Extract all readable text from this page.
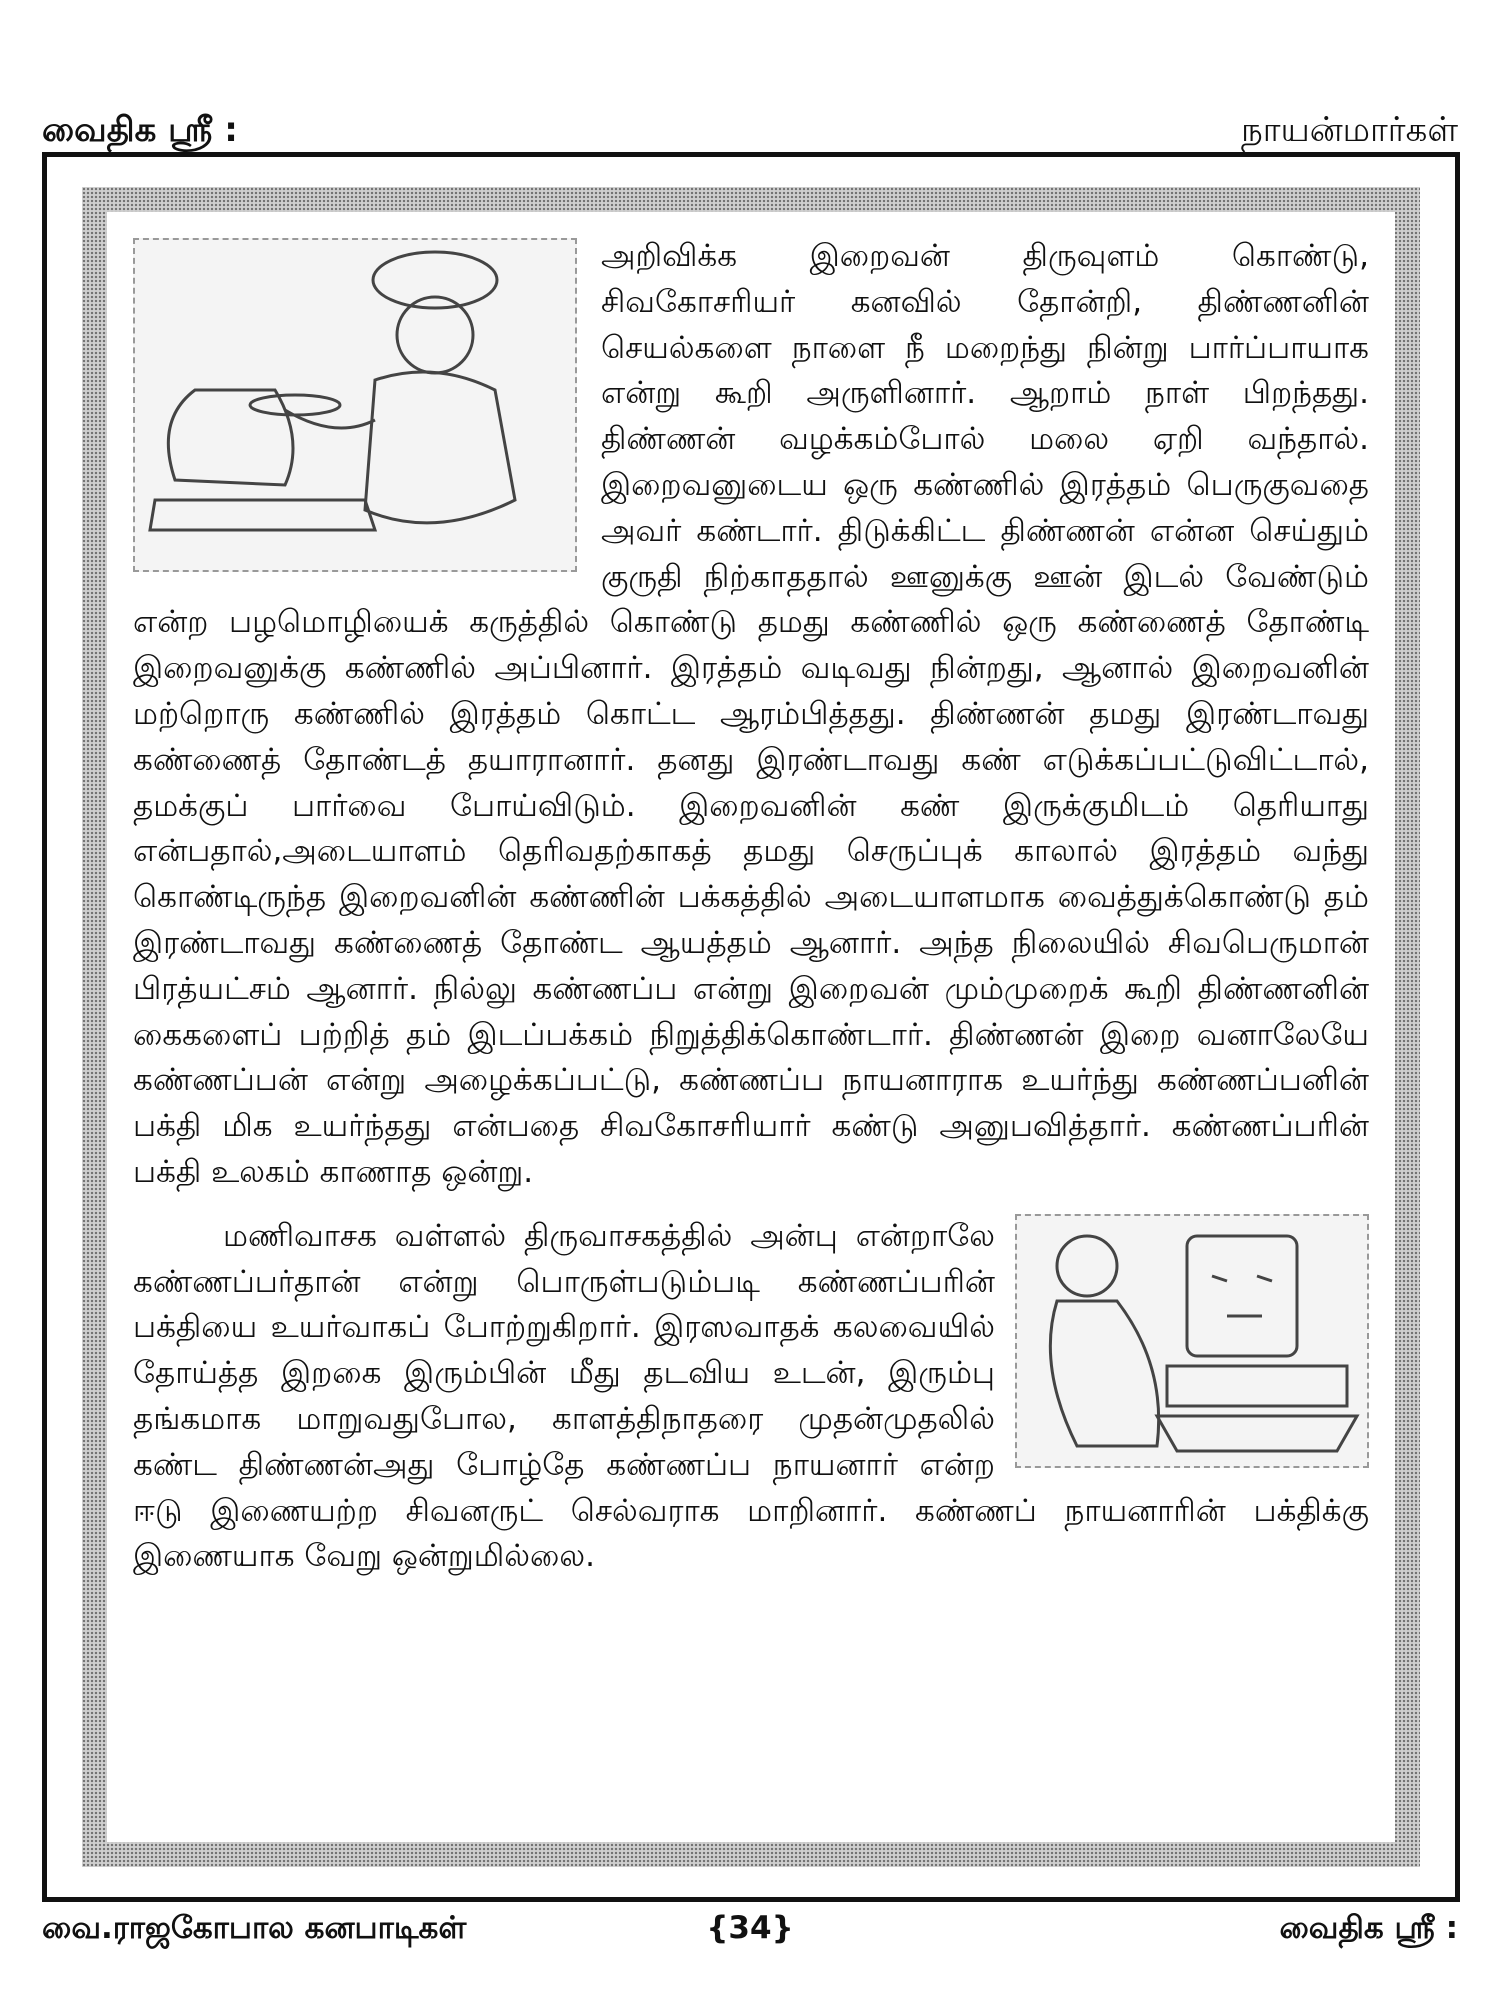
வைதிக ஸ்ரீ :	நாயன்மார்கள்

அறிவிக்க இறைவன் திருவுளம் கொண்டு, சிவகோசரியர் கனவில் தோன்றி, திண்ணனின் செயல்களை நாளை நீ மறைந்து நின்று பார்ப்பாயாக என்று கூறி அருளினார். ஆறாம் நாள் பிறந்தது. திண்ணன் வழக்கம்போல் மலை ஏறி வந்தால். இறைவனுடைய ஒரு கண்ணில் இரத்தம் பெருகுவதை அவர் கண்டார். திடுக்கிட்ட திண்ணன் என்ன செய்தும் குருதி நிற்காததால் ஊனுக்கு ஊன் இடல் வேண்டும் என்ற பழமொழியைக் கருத்தில் கொண்டு தமது கண்ணில் ஒரு கண்ணைத் தோண்டி இறைவனுக்கு கண்ணில் அப்பினார். இரத்தம் வடிவது நின்றது, ஆனால் இறைவனின் மற்றொரு கண்ணில் இரத்தம் கொட்ட ஆரம்பித்தது. திண்ணன் தமது இரண்டாவது கண்ணைத் தோண்டத் தயாரானார். தனது இரண்டாவது கண் எடுக்கப்பட்டுவிட்டால், தமக்குப் பார்வை போய்விடும். இறைவனின் கண் இருக்குமிடம் தெரியாது என்பதால்,அடையாளம் தெரிவதற்காகத் தமது செருப்புக் காலால் இரத்தம் வந்து கொண்டிருந்த இறைவனின் கண்ணின் பக்கத்தில் அடையாளமாக வைத்துக்கொண்டு தம் இரண்டாவது கண்ணைத் தோண்ட ஆயத்தம் ஆனார். அந்த நிலையில் சிவபெருமான் பிரத்யட்சம் ஆனார். நில்லு கண்ணப்ப என்று இறைவன் மும்முறைக் கூறி திண்ணனின் கைகளைப் பற்றித் தம் இடப்பக்கம் நிறுத்திக்கொண்டார். திண்ணன் இறை வனாலேயே கண்ணப்பன் என்று அழைக்கப்பட்டு, கண்ணப்ப நாயனாராக உயர்ந்து கண்ணப்பனின் பக்தி மிக உயர்ந்தது என்பதை சிவகோசரியார் கண்டு அனுபவித்தார். கண்ணப்பரின் பக்தி உலகம் காணாத ஒன்று.

மணிவாசக வள்ளல் திருவாசகத்தில் அன்பு என்றாலே கண்ணப்பர்தான் என்று பொருள்படும்படி கண்ணப்பரின் பக்தியை உயர்வாகப் போற்றுகிறார். இரஸவாதக் கலவையில் தோய்த்த இறகை இரும்பின் மீது தடவிய உடன், இரும்பு தங்கமாக மாறுவதுபோல, காளத்திநாதரை முதன்முதலில் கண்ட திண்ணன்அது போழ்தே கண்ணப்ப நாயனார் என்ற ஈடு இணையற்ற சிவனருட் செல்வராக மாறினார். கண்ணப் நாயனாரின் பக்திக்கு இணையாக வேறு ஒன்றுமில்லை.

{34}
வை.ராஜகோபால கனபாடிகள்	வைதிக ஸ்ரீ :
